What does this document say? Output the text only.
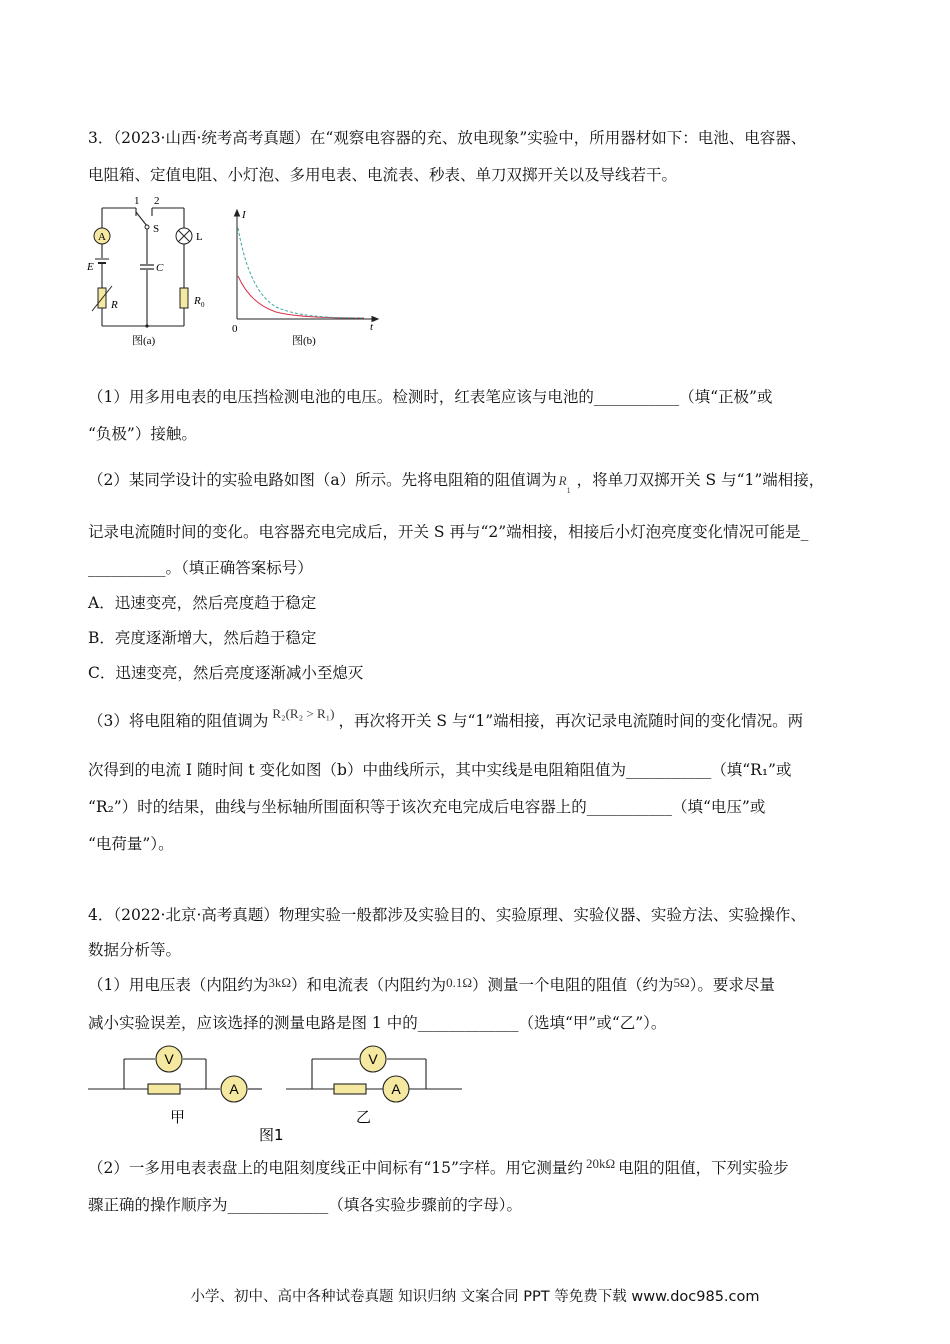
3．（2023·山西·统考高考真题）在“观察电容器的充、放电现象”实验中，所用器材如下：电池、电容器、
电阻箱、定值电阻、小灯泡、多用电表、电流表、秒表、单刀双掷开关以及导线若干。
A
1 2
S
L
E	C
R	R 0
图(a)
I
t
0
图(b)
（1）用多用电表的电压挡检测电池的电压。检测时，红表笔应该与电池的___________（填“正极”或
“负极”）接触。
（2）某同学设计的实验电路如图（a）所示。先将电阻箱的阻值调为 R
1
，将单刀双掷开关 S 与“1”端相接，
记录电流随时间的变化。电容器充电完成后，开关 S 再与“2”端相接，相接后小灯泡亮度变化情况可能是_
__________。（填正确答案标号）
A．迅速变亮，然后亮度趋于稳定
B．亮度逐渐增大，然后趋于稳定
C．迅速变亮，然后亮度逐渐减小至熄灭
（3）将电阻箱的阻值调为 $^{R_2(R_2 > R_1)}$ ，再次将开关 S 与“1”端相接，再次记录电流随时间的变化情况。两
次得到的电流 I 随时间 t 变化如图（b）中曲线所示，其中实线是电阻箱阻值为___________（填“R₁”或
“R₂”）时的结果，曲线与坐标轴所围面积等于该次充电完成后电容器上的___________（填“电压”或
“电荷量”）。
4．（2022·北京·高考真题）物理实验一般都涉及实验目的、实验原理、实验仪器、实验方法、实验操作、
数据分析等。
（1）用电压表（内阻约为3kΩ）和电流表（内阻约为0.1Ω）测量一个电阻的阻值（约为5Ω）。要求尽量
减小实验误差，应该选择的测量电路是图 1 中的_____________（选填“甲”或“乙”）。
V
A
V
A
甲	乙
图1
（2）一多用电表表盘上的电阻刻度线正中间标有“15”字样。用它测量约 $^{20k\Omega}$ 电阻的阻值，下列实验步
骤正确的操作顺序为_____________（填各实验步骤前的字母）。
小学、初中、高中各种试卷真题 知识归纳 文案合同 PPT 等免费下载 www.doc985.com
